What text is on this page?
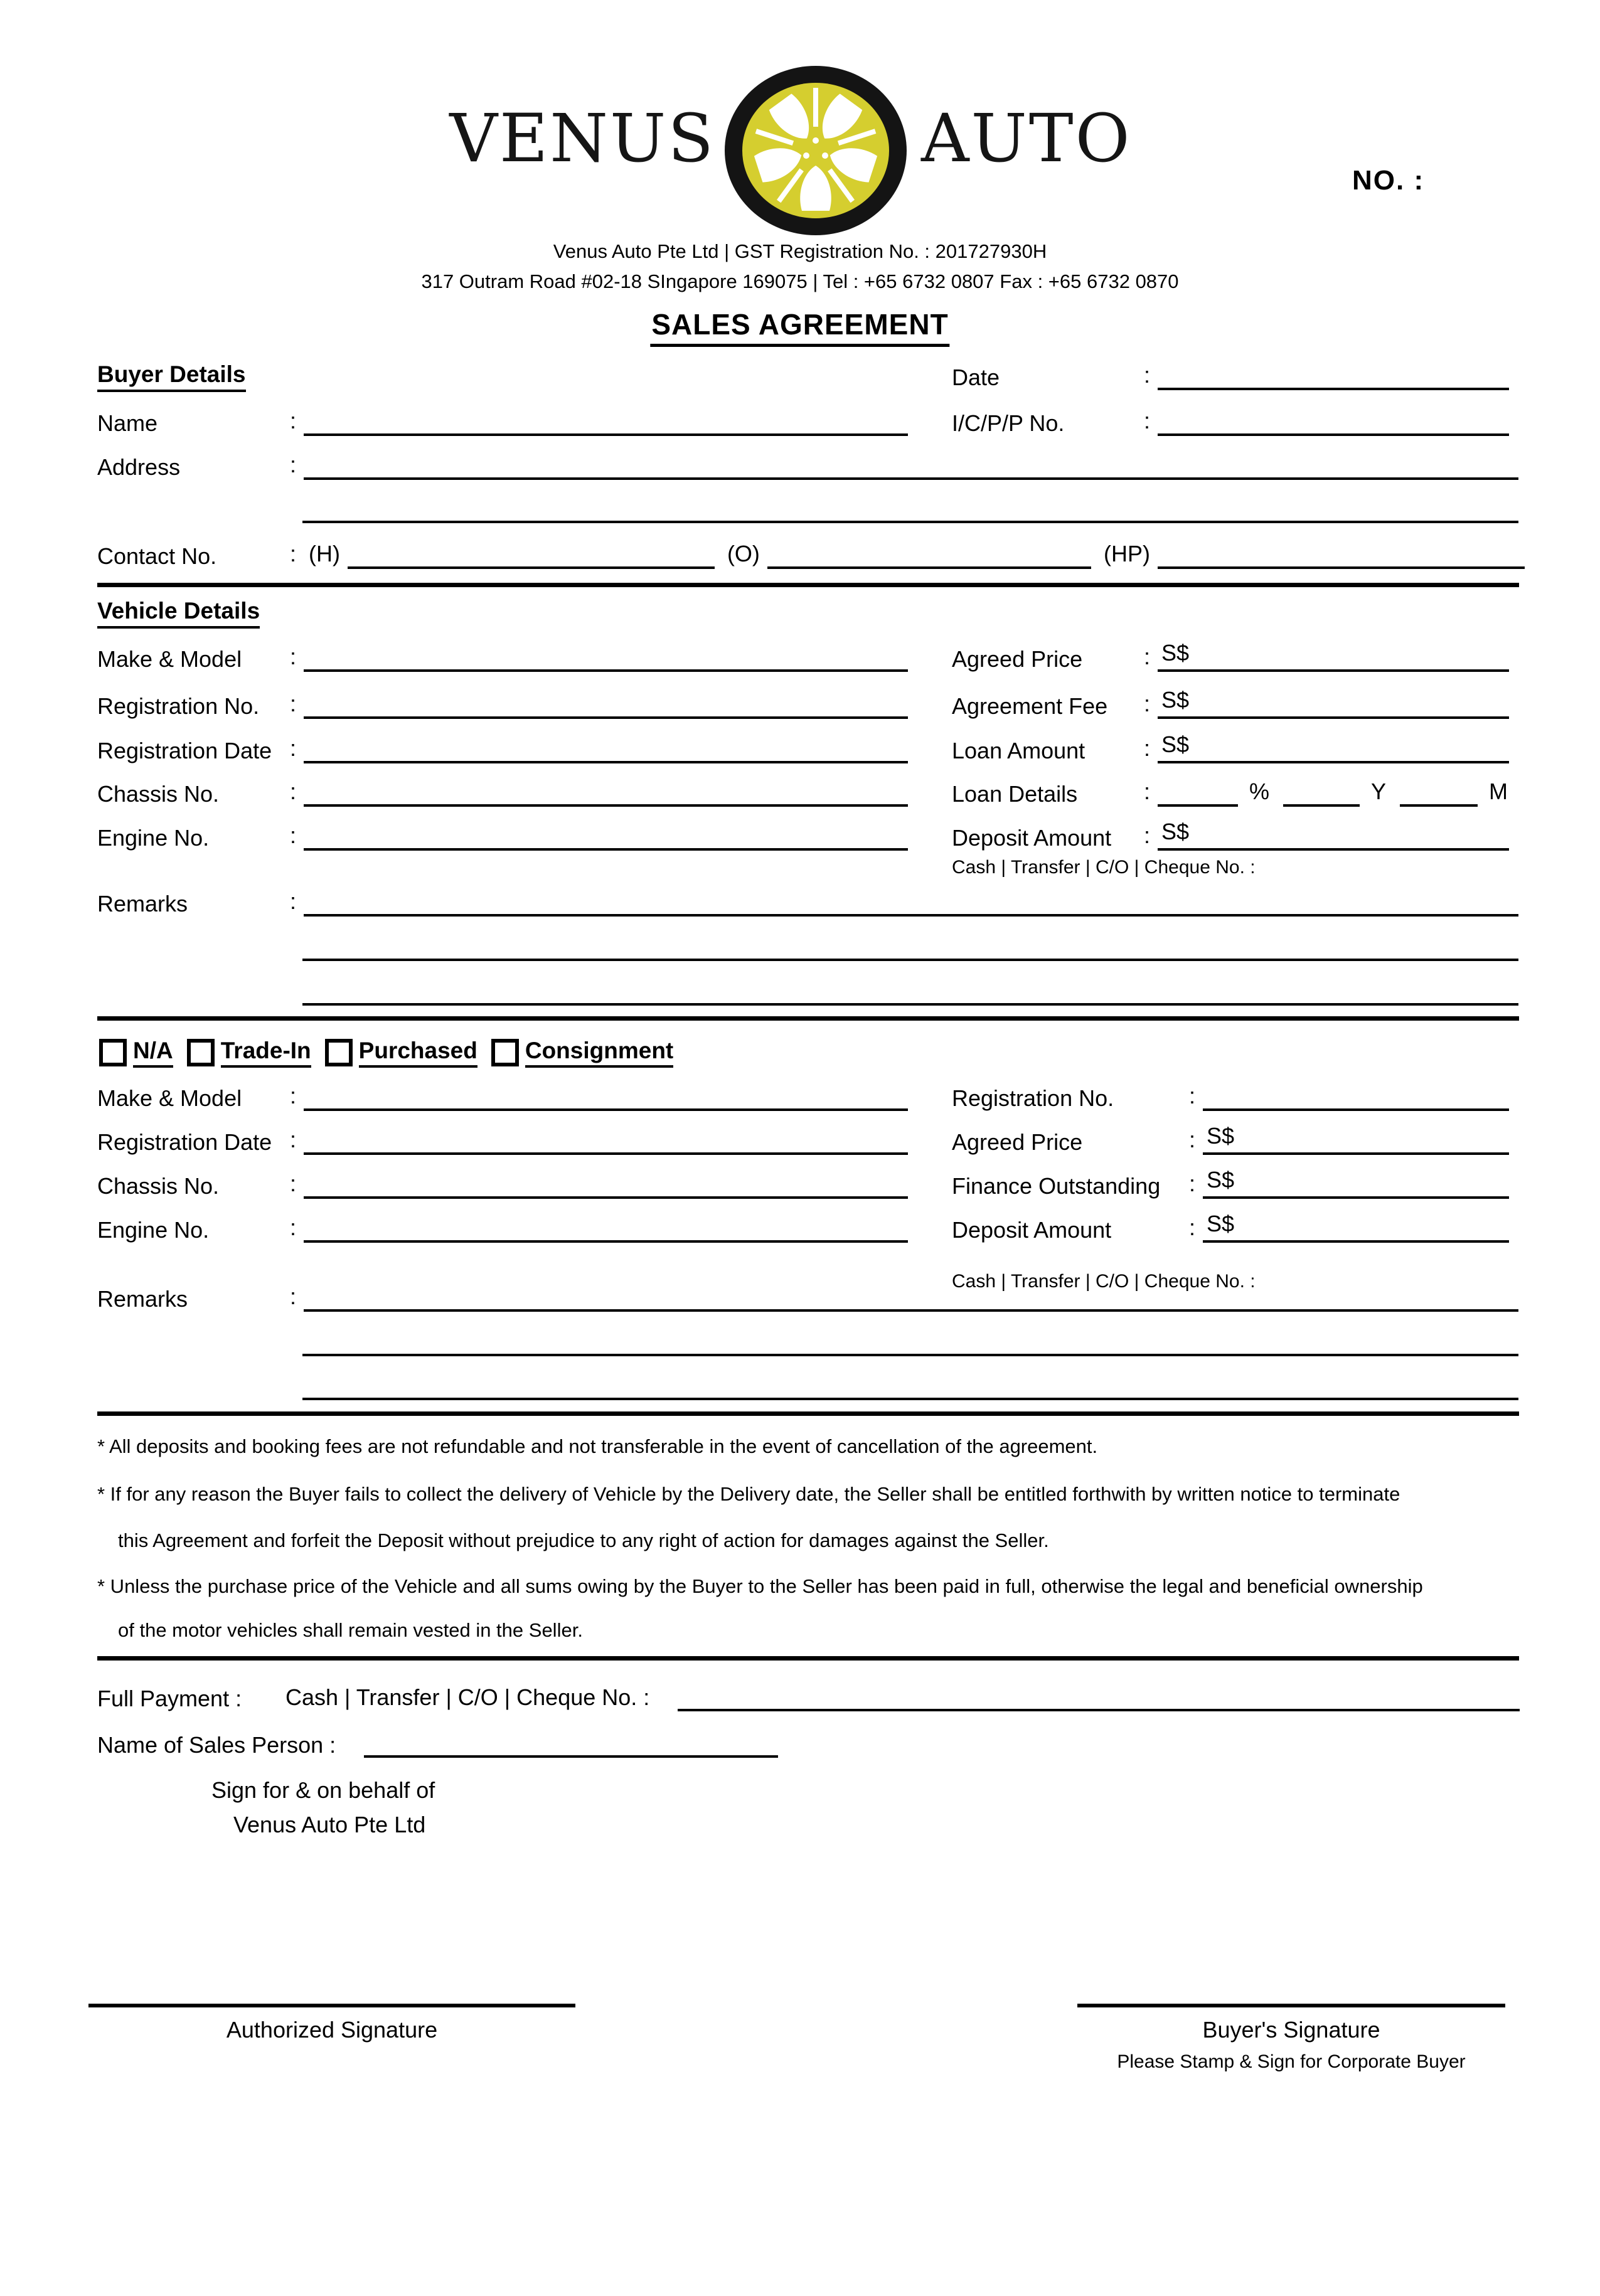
VENUS	AUTO
NO. :
Venus Auto Pte Ltd | GST Registration No. : 201727930H
317 Outram Road #02-18 SIngapore 169075 | Tel : +65 6732 0807 Fax : +65 6732 0870
SALES AGREEMENT
Buyer Details	Date	:
Name	:	I/C/P/P No.	:
Address	:
Contact No.	: (H)	(O)	(HP)
Vehicle Details
Make & Model	:	Agreed Price	: S$
Registration No.	:	Agreement Fee	: S$
Registration Date :	Loan Amount	: S$
Chassis No.	:	Loan Details	:	%	Y	M
Engine No.	:	Deposit Amount	: S$
Cash | Transfer | C/O | Cheque No. :
Remarks	:
N/A Trade-In Purchased Consignment
Make & Model	:	Registration No.	:
Registration Date :	Agreed Price	: S$
Chassis No.	:	Finance Outstanding	: S$
Engine No.	:	Deposit Amount	: S$
Cash | Transfer | C/O | Cheque No. :
Remarks	:
* All deposits and booking fees are not refundable and not transferable in the event of cancellation of the agreement.
* If for any reason the Buyer fails to collect the delivery of Vehicle by the Delivery date, the Seller shall be entitled forthwith by written notice to terminate
this Agreement and forfeit the Deposit without prejudice to any right of action for damages against the Seller.
* Unless the purchase price of the Vehicle and all sums owing by the Buyer to the Seller has been paid in full, otherwise the legal and beneficial ownership
of the motor vehicles shall remain vested in the Seller.
Full Payment :	Cash | Transfer | C/O | Cheque No. :
Name of Sales Person :
Sign for & on behalf of
Venus Auto Pte Ltd
Authorized Signature	Buyer's Signature
Please Stamp & Sign for Corporate Buyer
